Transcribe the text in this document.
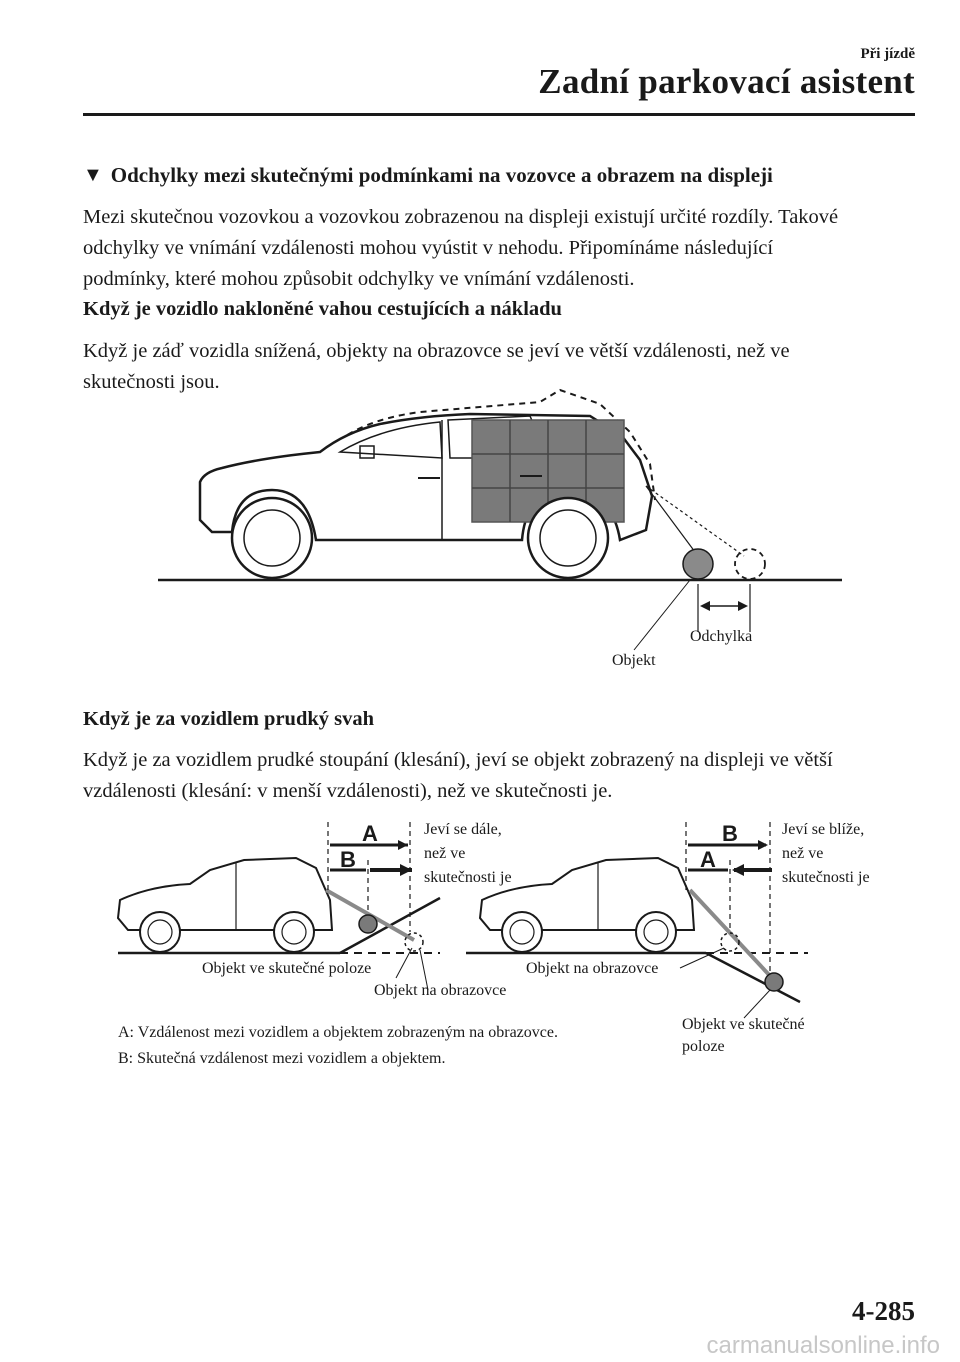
Při jízdě
Zadní parkovací asistent
▼ Odchylky mezi skutečnými podmínkami na vozovce a obrazem na displeji
Mezi skutečnou vozovkou a vozovkou zobrazenou na displeji existují určité rozdíly. Takové
odchylky ve vnímání vzdálenosti mohou vyústit v nehodu. Připomínáme následující
podmínky, které mohou způsobit odchylky ve vnímání vzdálenosti.
Když je vozidlo nakloněné vahou cestujících a nákladu
Když je záď vozidla snížená, objekty na obrazovce se jeví ve větší vzdálenosti, než ve
skutečnosti jsou.
A
B
B
A
Odchylka
Objekt
Když je za vozidlem prudký svah
Když je za vozidlem prudké stoupání (klesání), jeví se objekt zobrazený na displeji ve větší
vzdálenosti (klesání: v menší vzdálenosti), než ve skutečnosti je.
Jeví se dále,
než ve
skutečnosti je
Jeví se blíže,
než ve
skutečnosti je
Objekt ve skutečné poloze
Objekt na obrazovce
Objekt na obrazovce
Objekt ve skutečné
poloze
A: Vzdálenost mezi vozidlem a objektem zobrazeným na obrazovce.
B: Skutečná vzdálenost mezi vozidlem a objektem.
4-285
carmanualsonline.info
